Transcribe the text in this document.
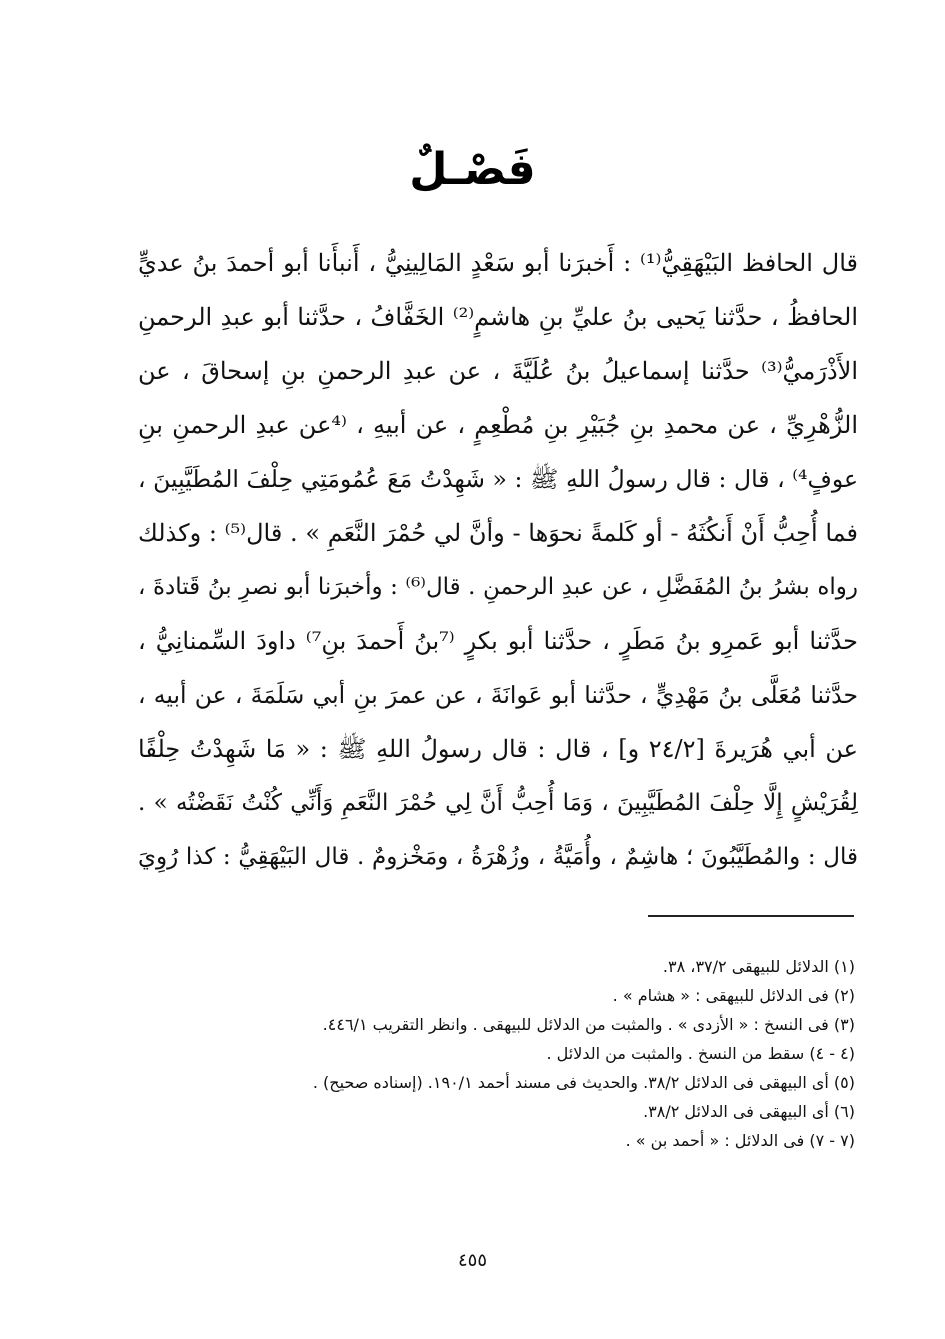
فَصْـلٌ
قال الحافظ البَيْهَقِيُّ⁽¹⁾ : أَخبرَنا أبو سَعْدٍ المَالِينِيُّ ، أَنبأَنا أبو أحمدَ بنُ عديٍّ
الحافظُ ، حدَّثنا يَحيى بنُ عليِّ بنِ هاشمٍ⁽²⁾ الخَفَّافُ ، حدَّثنا أبو عبدِ الرحمنِ
الأَذْرَميُّ⁽³⁾ حدَّثنا إسماعيلُ بنُ عُلَيَّةَ ، عن عبدِ الرحمنِ بنِ إسحاقَ ، عن
الزُّهْرِيِّ ، عن محمدِ بنِ جُبَيْرِ بنِ مُطْعِمٍ ، عن أبيهِ ، ⁽⁴عن عبدِ الرحمنِ بنِ
عوفٍ⁴⁾ ، قال : قال رسولُ اللهِ ﷺ : « شَهِدْتُ مَعَ عُمُومَتِي حِلْفَ المُطَيَّبِينَ ،
فما أُحِبُّ أَنْ أَنكُثَهُ - أو كَلمةً نحوَها - وأنَّ لي حُمْرَ النَّعَمِ » . قال⁽⁵⁾ : وكذلك
رواه بشرُ بنُ المُفَضَّلِ ، عن عبدِ الرحمنِ . قال⁽⁶⁾ : وأخبرَنا أبو نصرِ بنُ قَتادةَ ،
حدَّثنا أبو عَمرِو بنُ مَطَرٍ ، حدَّثنا أبو بكرٍ ⁽⁷بنُ أَحمدَ بنِ⁷⁾ داودَ السِّمنانِيُّ ،
حدَّثنا مُعَلَّى بنُ مَهْدِيٍّ ، حدَّثنا أبو عَوانَةَ ، عن عمرَ بنِ أبي سَلَمَةَ ، عن أبيه ،
عن أبي هُرَيرةَ [٢٤/٢ و] ، قال : قال رسولُ اللهِ ﷺ : « مَا شَهِدْتُ حِلْفًا
لِقُرَيْشٍ إِلَّا حِلْفَ المُطَيَّبِينَ ، وَمَا أُحِبُّ أَنَّ لِي حُمْرَ النَّعَمِ وَأَنِّي كُنْتُ نَقَضْتُه » .
قال : والمُطَيَّبُونَ ؛ هاشِمٌ ، وأُمَيَّةُ ، وزُهْرَةُ ، ومَخْزومٌ . قال البَيْهَقِيُّ : كذا رُوِيَ
(١) الدلائل للبيهقى ٣٧/٢، ٣٨.
(٢) فى الدلائل للبيهقى : « هشام » .
(٣) فى النسخ : « الأزدى » . والمثبت من الدلائل للبيهقى . وانظر التقريب ٤٤٦/١.
(٤ - ٤) سقط من النسخ . والمثبت من الدلائل .
(٥) أى البيهقى فى الدلائل ٣٨/٢. والحديث فى مسند أحمد ١٩٠/١. (إسناده صحيح) .
(٦) أى البيهقى فى الدلائل ٣٨/٢.
(٧ - ٧) فى الدلائل : « أحمد بن » .
٤٥٥
